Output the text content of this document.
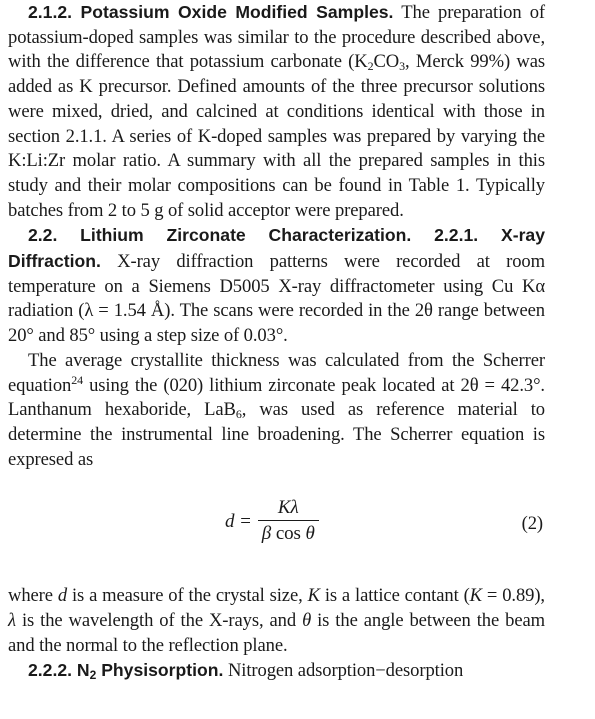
2.1.2. Potassium Oxide Modified Samples. The preparation of potassium-doped samples was similar to the procedure described above, with the difference that potassium carbonate ($K_2CO_3$, Merck 99%) was added as K precursor. Defined amounts of the three precursor solutions were mixed, dried, and calcined at conditions identical with those in section 2.1.1. A series of K-doped samples was prepared by varying the K:Li:Zr molar ratio. A summary with all the prepared samples in this study and their molar compositions can be found in Table 1. Typically batches from 2 to 5 g of solid acceptor were prepared.

2.2. Lithium Zirconate Characterization. 2.2.1. X-ray Diffraction. X-ray diffraction patterns were recorded at room temperature on a Siemens D5005 X-ray diffractometer using Cu Kα radiation (λ = 1.54 Å). The scans were recorded in the 2θ range between 20° and 85° using a step size of 0.03°.

The average crystallite thickness was calculated from the Scherrer equation$^{24}$ using the (020) lithium zirconate peak located at 2θ = 42.3°. Lanthanum hexaboride, LaB$_6$, was used as reference material to determine the instrumental line broadening. The Scherrer equation is expresed as

$d = \frac{K\lambda}{\text{β cos θ}}$	(2)

where d is a measure of the crystal size, K is a lattice contant (K = 0.89), λ is the wavelength of the X-rays, and θ is the angle between the beam and the normal to the reflection plane.

2.2.2. $N_2$ Physisorption. Nitrogen adsorption−desorption
